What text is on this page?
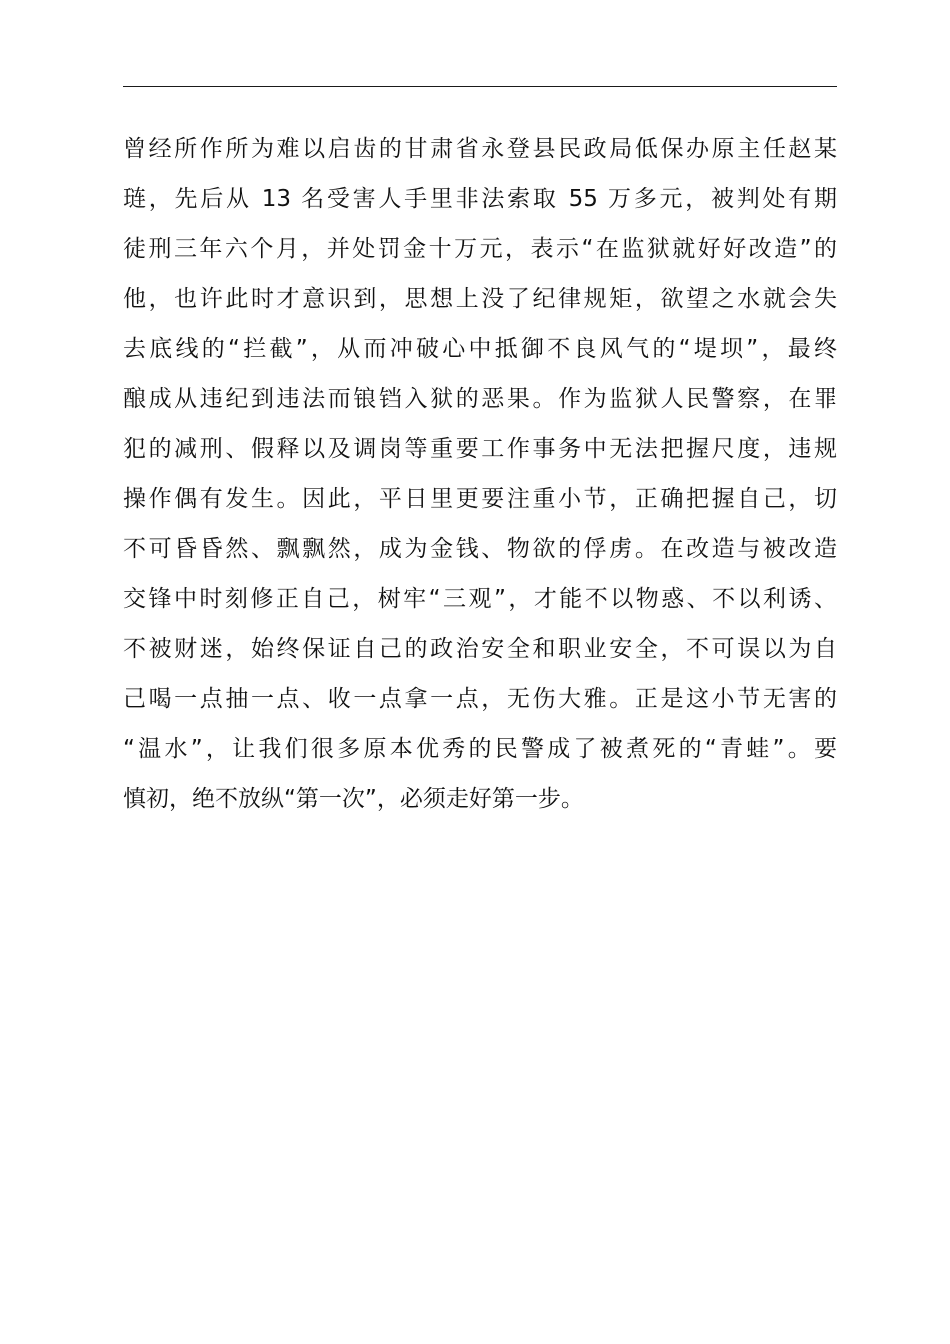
曾经所作所为难以启齿的甘肃省永登县民政局低保办原主任赵某
琏，先后从 13 名受害人手里非法索取 55 万多元，被判处有期
徒刑三年六个月，并处罚金十万元，表示“在监狱就好好改造”的
他，也许此时才意识到，思想上没了纪律规矩，欲望之水就会失
去底线的“拦截”，从而冲破心中抵御不良风气的“堤坝”，最终
酿成从违纪到违法而锒铛入狱的恶果。作为监狱人民警察，在罪
犯的减刑、假释以及调岗等重要工作事务中无法把握尺度，违规
操作偶有发生。因此，平日里更要注重小节，正确把握自己，切
不可昏昏然、飘飘然，成为金钱、物欲的俘虏。在改造与被改造
交锋中时刻修正自己，树牢“三观”，才能不以物惑、不以利诱、
不被财迷，始终保证自己的政治安全和职业安全，不可误以为自
己喝一点抽一点、收一点拿一点，无伤大雅。正是这小节无害的
“温水”，让我们很多原本优秀的民警成了被煮死的“青蛙”。要
慎初，绝不放纵“第一次”，必须走好第一步。
